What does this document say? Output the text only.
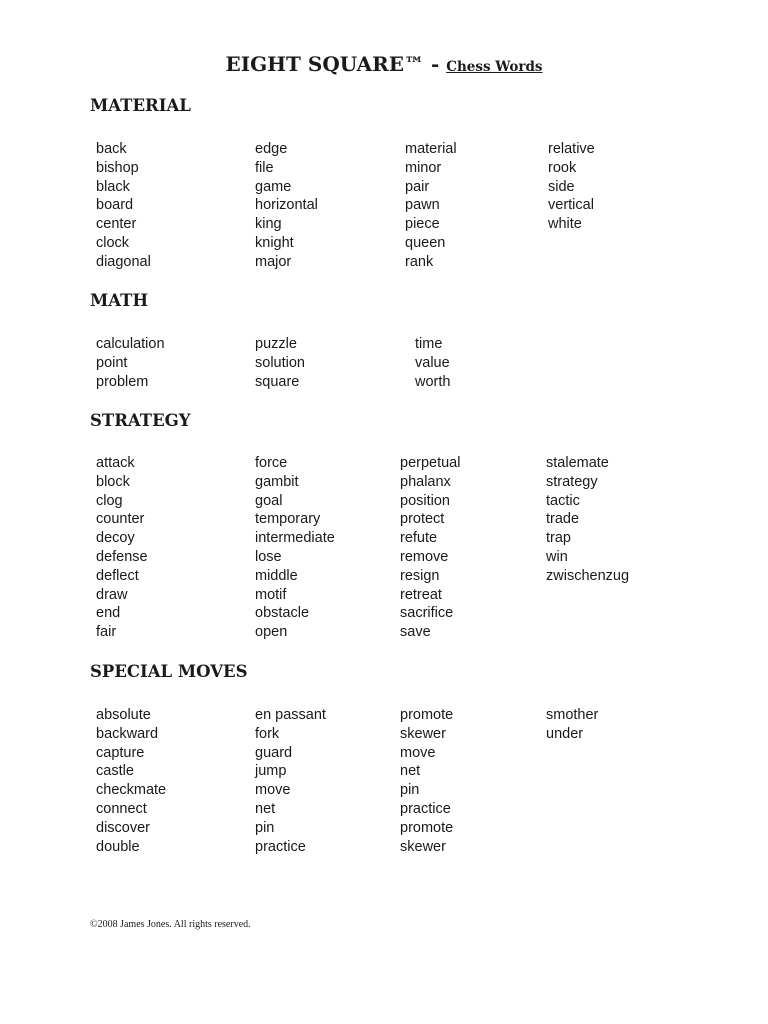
EIGHT SQUARE™ - Chess Words
MATERIAL
back
bishop
black
board
center
clock
diagonal
edge
file
game
horizontal
king
knight
major
material
minor
pair
pawn
piece
queen
rank
relative
rook
side
vertical
white
MATH
calculation
point
problem
puzzle
solution
square
time
value
worth
STRATEGY
attack
block
clog
counter
decoy
defense
deflect
draw
end
fair
force
gambit
goal
temporary
intermediate
lose
middle
motif
obstacle
open
perpetual
phalanx
position
protect
refute
remove
resign
retreat
sacrifice
save
stalemate
strategy
tactic
trade
trap
win
zwischenzug
SPECIAL MOVES
absolute
backward
capture
castle
checkmate
connect
discover
double
en passant
fork
guard
jump
move
net
pin
practice
promote
skewer
move
net
pin
practice
promote
skewer
smother
under
©2008 James Jones. All rights reserved.
